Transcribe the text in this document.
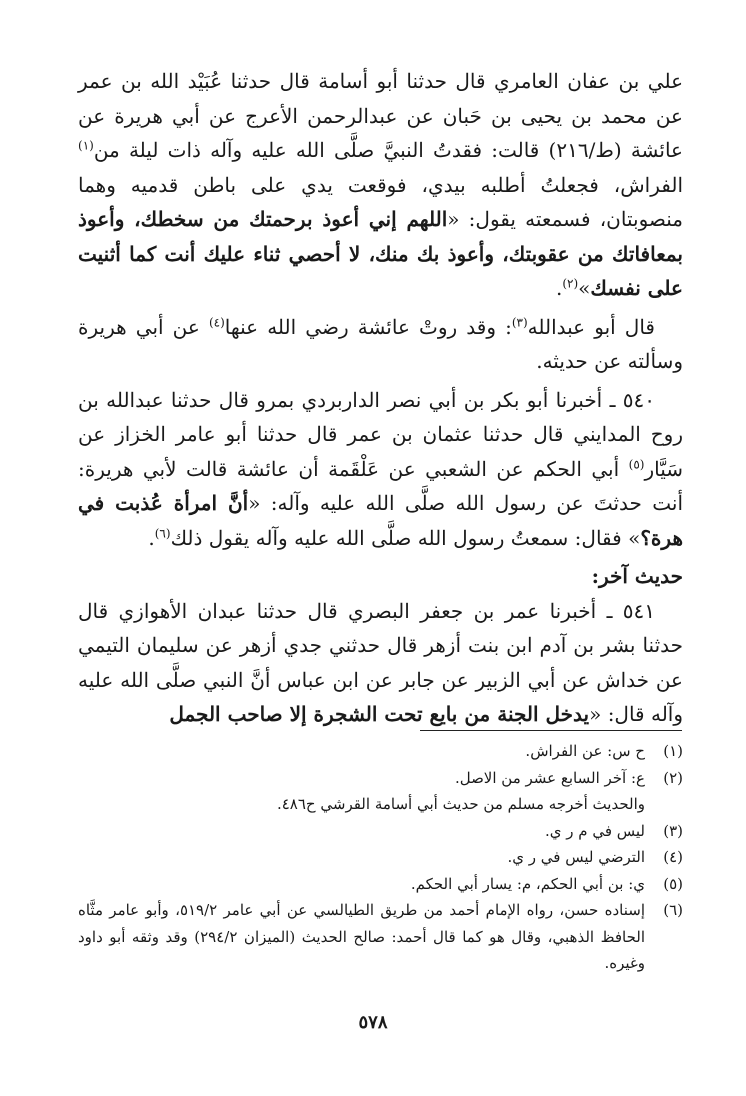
علي بن عفان العامري قال حدثنا أبو أسامة قال حدثنا عُبَيْد الله بن عمر عن محمد بن يحيى بن حَبان عن عبدالرحمن الأعرج عن أبي هريرة عن عائشة (ط/٢١٦) قالت: فقدتُ النبيَّ صلَّى الله عليه وآله ذات ليلة من$^{(١)}$ الفراش، فجعلتُ أطلبه بيدي، فوقعت يدي على باطن قدميه وهما منصوبتان، فسمعته يقول: «اللهم إني أعوذ برحمتك من سخطك، وأعوذ بمعافاتك من عقوبتك، وأعوذ بك منك، لا أحصي ثناء عليك أنت كما أثنيت على نفسك»$^{(٢)}$.

قال أبو عبدالله$^{(٣)}$: وقد روتْ عائشة رضي الله عنها$^{(٤)}$ عن أبي هريرة وسألته عن حديثه.

٥٤٠ ـ أخبرنا أبو بكر بن أبي نصر الداربردي بمرو قال حدثنا عبدالله بن روح المدايني قال حدثنا عثمان بن عمر قال حدثنا أبو عامر الخزاز عن سَيَّار$^{(٥)}$ أبي الحكم عن الشعبي عن عَلْقَمة أن عائشة قالت لأبي هريرة: أنت حدثتَ عن رسول الله صلَّى الله عليه وآله: «أنَّ امرأة عُذبت في هرة؟» فقال: سمعتُ رسول الله صلَّى الله عليه وآله يقول ذلك$^{(٦)}$.

حديث آخر:

٥٤١ ـ أخبرنا عمر بن جعفر البصري قال حدثنا عبدان الأهوازي قال حدثنا بشر بن آدم ابن بنت أزهر قال حدثني جدي أزهر عن سليمان التيمي عن خداش عن أبي الزبير عن جابر عن ابن عباس أنَّ النبي صلَّى الله عليه وآله قال: «يدخل الجنة من بايع تحت الشجرة إلا صاحب الجمل

(١)
ح س: عن الفراش.
(٢)
ع: آخر السابع عشر من الاصل.
والحديث أخرجه مسلم من حديث أبي أسامة القرشي ح٤٨٦.
(٣)
ليس في م ر ي.
(٤)
الترضي ليس في ر ي.
(٥)
ي: بن أبي الحكم، م: يسار أبي الحكم.
(٦)
إسناده حسن، رواه الإمام أحمد من طريق الطيالسي عن أبي عامر ٥١٩/٢، وأبو عامر مثَّاه الحافظ الذهبي، وقال هو كما قال أحمد: صالح الحديث (الميزان ٢٩٤/٢) وقد وثقه أبو داود وغيره.
٥٧٨
